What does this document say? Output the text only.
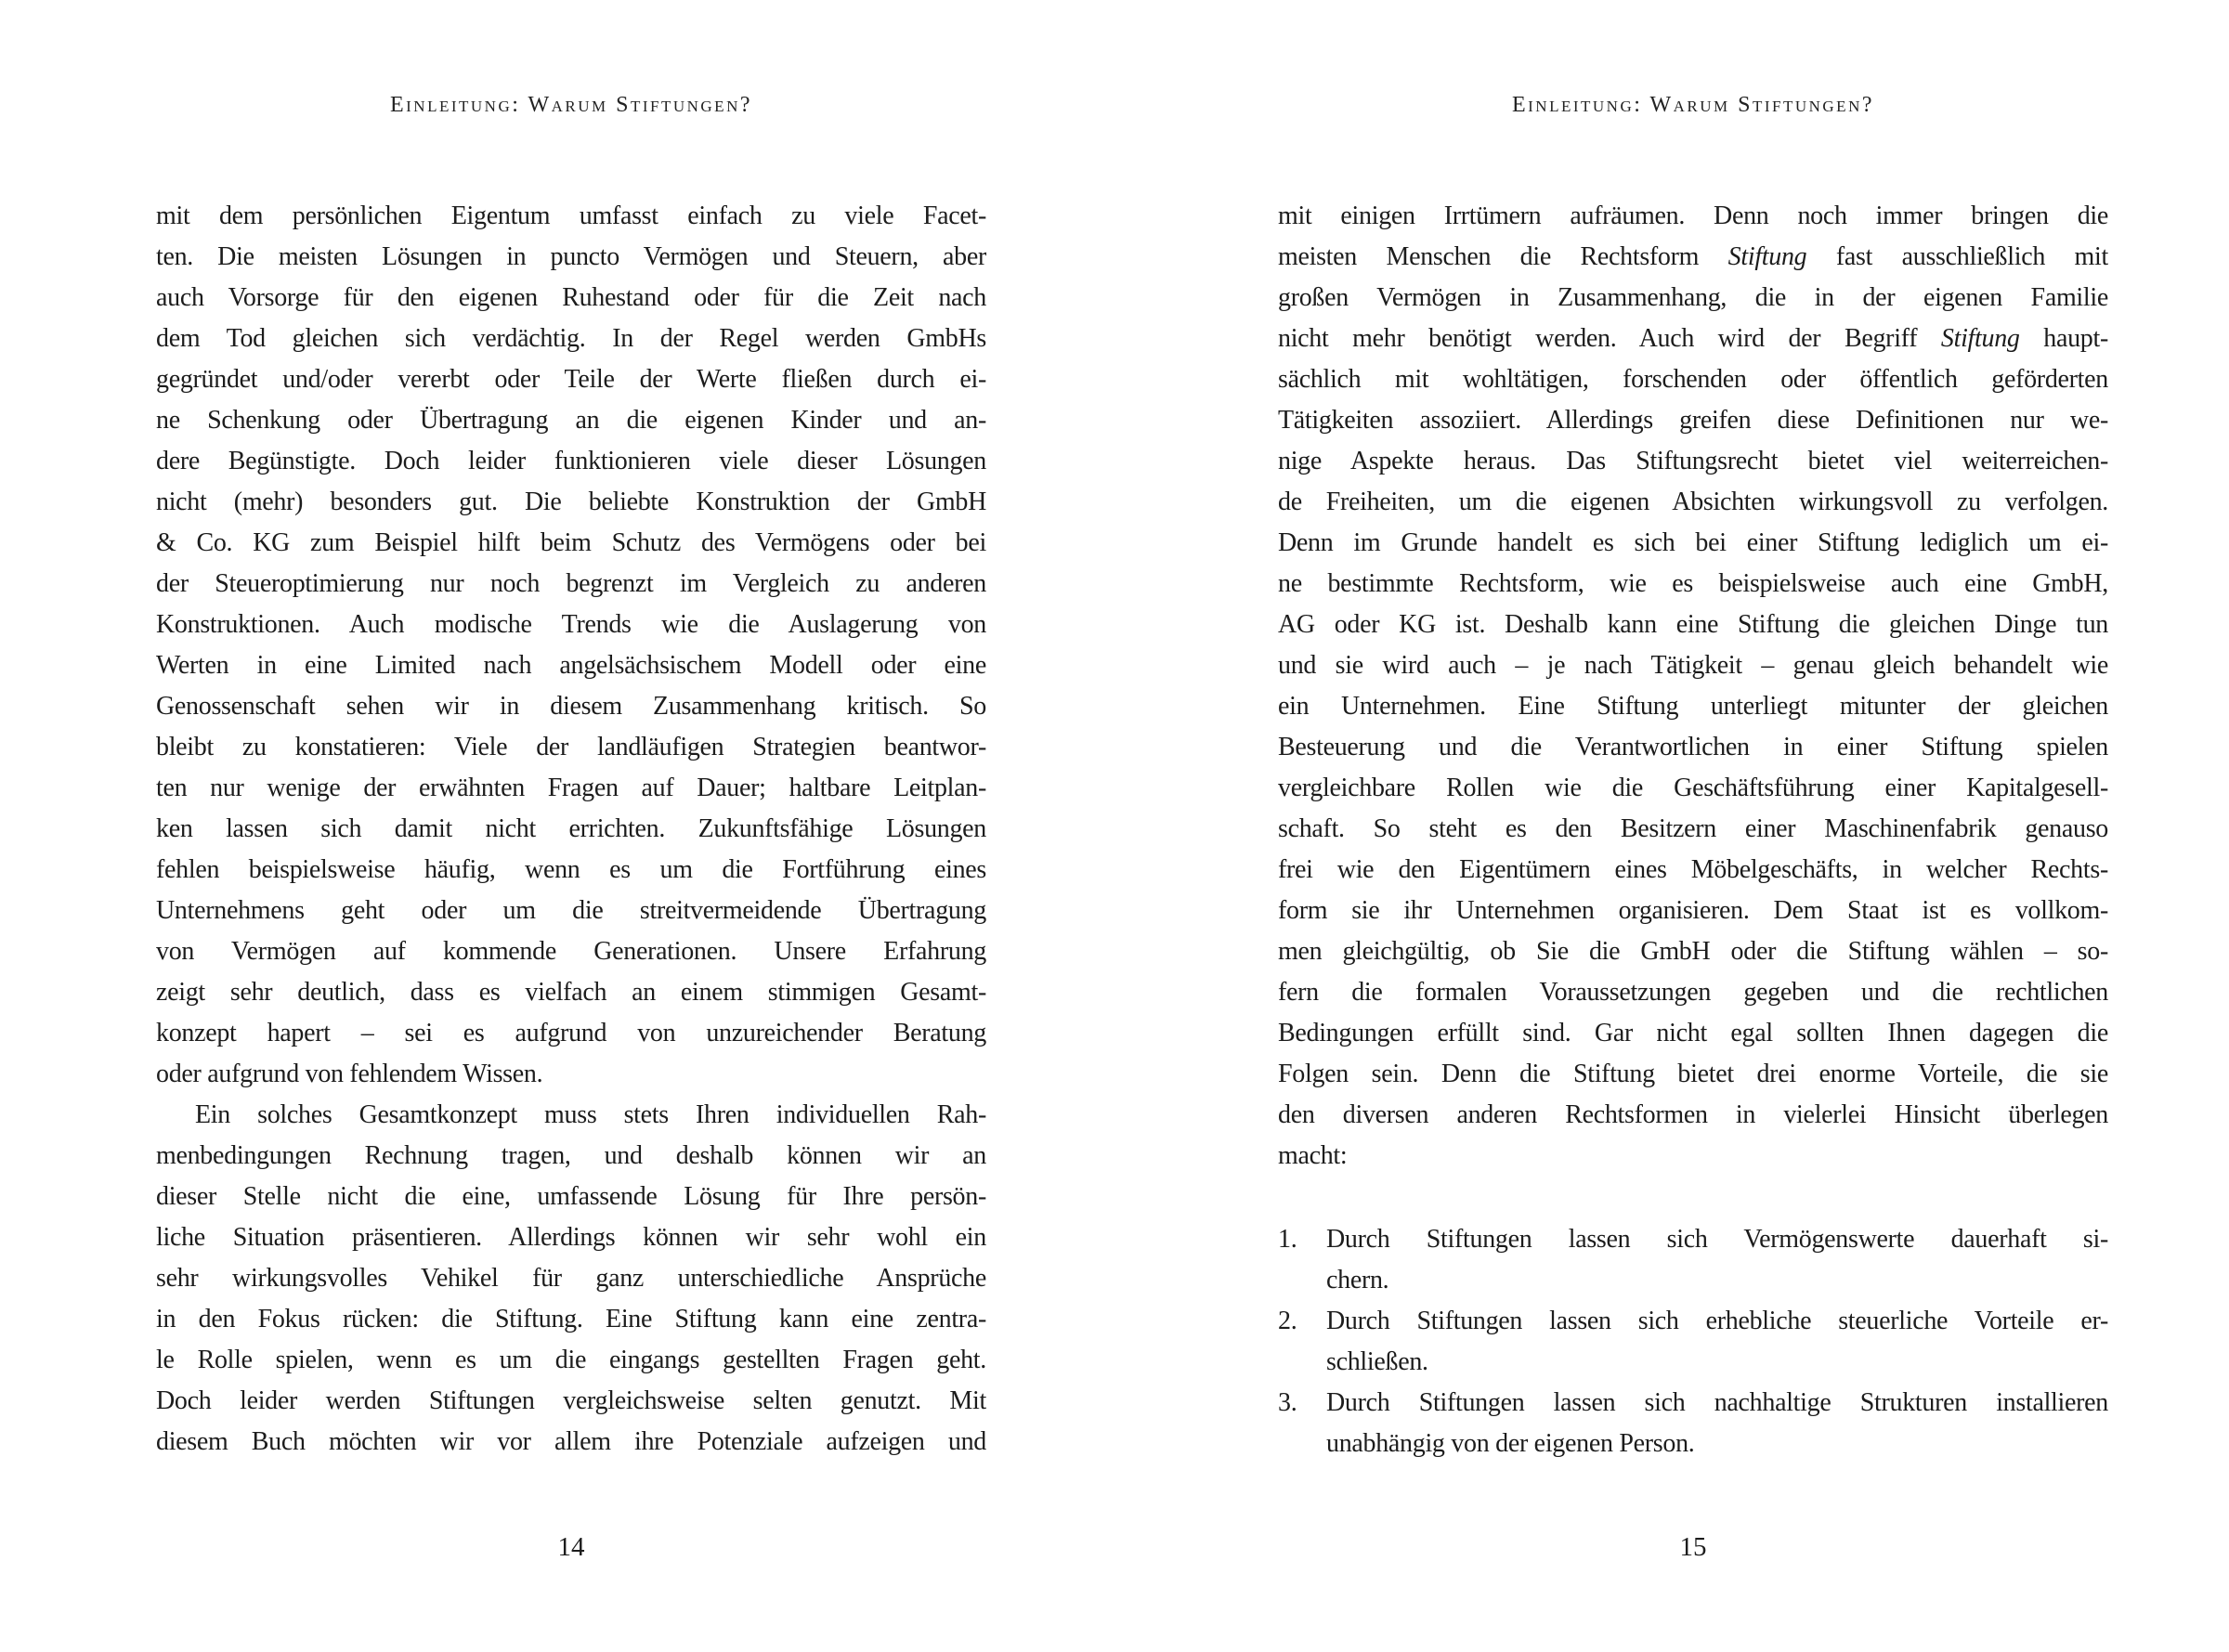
Einleitung: Warum Stiftungen?
mit dem persönlichen Eigentum umfasst einfach zu viele Facet-
ten. Die meisten Lösungen in puncto Vermögen und Steuern, aber
auch Vorsorge für den eigenen Ruhestand oder für die Zeit nach
dem Tod gleichen sich verdächtig. In der Regel werden GmbHs
gegründet und/oder vererbt oder Teile der Werte fließen durch ei-
ne Schenkung oder Übertragung an die eigenen Kinder und an-
dere Begünstigte. Doch leider funktionieren viele dieser Lösungen
nicht (mehr) besonders gut. Die beliebte Konstruktion der GmbH
& Co. KG zum Beispiel hilft beim Schutz des Vermögens oder bei
der Steueroptimierung nur noch begrenzt im Vergleich zu anderen
Konstruktionen. Auch modische Trends wie die Auslagerung von
Werten in eine Limited nach angelsächsischem Modell oder eine
Genossenschaft sehen wir in diesem Zusammenhang kritisch. So
bleibt zu konstatieren: Viele der landläufigen Strategien beantwor-
ten nur wenige der erwähnten Fragen auf Dauer; haltbare Leitplan-
ken lassen sich damit nicht errichten. Zukunftsfähige Lösungen
fehlen beispielsweise häufig, wenn es um die Fortführung eines
Unternehmens geht oder um die streitvermeidende Übertragung
von Vermögen auf kommende Generationen. Unsere Erfahrung
zeigt sehr deutlich, dass es vielfach an einem stimmigen Gesamt-
konzept hapert – sei es aufgrund von unzureichender Beratung
oder aufgrund von fehlendem Wissen.
Ein solches Gesamtkonzept muss stets Ihren individuellen Rah-
menbedingungen Rechnung tragen, und deshalb können wir an
dieser Stelle nicht die eine, umfassende Lösung für Ihre persön-
liche Situation präsentieren. Allerdings können wir sehr wohl ein
sehr wirkungsvolles Vehikel für ganz unterschiedliche Ansprüche
in den Fokus rücken: die Stiftung. Eine Stiftung kann eine zentra-
le Rolle spielen, wenn es um die eingangs gestellten Fragen geht.
Doch leider werden Stiftungen vergleichsweise selten genutzt. Mit
diesem Buch möchten wir vor allem ihre Potenziale aufzeigen und
14
Einleitung: Warum Stiftungen?
mit einigen Irrtümern aufräumen. Denn noch immer bringen die
meisten Menschen die Rechtsform Stiftung fast ausschließlich mit
großen Vermögen in Zusammenhang, die in der eigenen Familie
nicht mehr benötigt werden. Auch wird der Begriff Stiftung haupt-
sächlich mit wohltätigen, forschenden oder öffentlich geförderten
Tätigkeiten assoziiert. Allerdings greifen diese Definitionen nur we-
nige Aspekte heraus. Das Stiftungsrecht bietet viel weiterreichen-
de Freiheiten, um die eigenen Absichten wirkungsvoll zu verfolgen.
Denn im Grunde handelt es sich bei einer Stiftung lediglich um ei-
ne bestimmte Rechtsform, wie es beispielsweise auch eine GmbH,
AG oder KG ist. Deshalb kann eine Stiftung die gleichen Dinge tun
und sie wird auch – je nach Tätigkeit – genau gleich behandelt wie
ein Unternehmen. Eine Stiftung unterliegt mitunter der gleichen
Besteuerung und die Verantwortlichen in einer Stiftung spielen
vergleichbare Rollen wie die Geschäftsführung einer Kapitalgesell-
schaft. So steht es den Besitzern einer Maschinenfabrik genauso
frei wie den Eigentümern eines Möbelgeschäfts, in welcher Rechts-
form sie ihr Unternehmen organisieren. Dem Staat ist es vollkom-
men gleichgültig, ob Sie die GmbH oder die Stiftung wählen – so-
fern die formalen Voraussetzungen gegeben und die rechtlichen
Bedingungen erfüllt sind. Gar nicht egal sollten Ihnen dagegen die
Folgen sein. Denn die Stiftung bietet drei enorme Vorteile, die sie
den diversen anderen Rechtsformen in vielerlei Hinsicht überlegen
macht:
1.	Durch Stiftungen lassen sich Vermögenswerte dauerhaft si-
chern.
2.	Durch Stiftungen lassen sich erhebliche steuerliche Vorteile er-
schließen.
3.	Durch Stiftungen lassen sich nachhaltige Strukturen installieren
unabhängig von der eigenen Person.
15
